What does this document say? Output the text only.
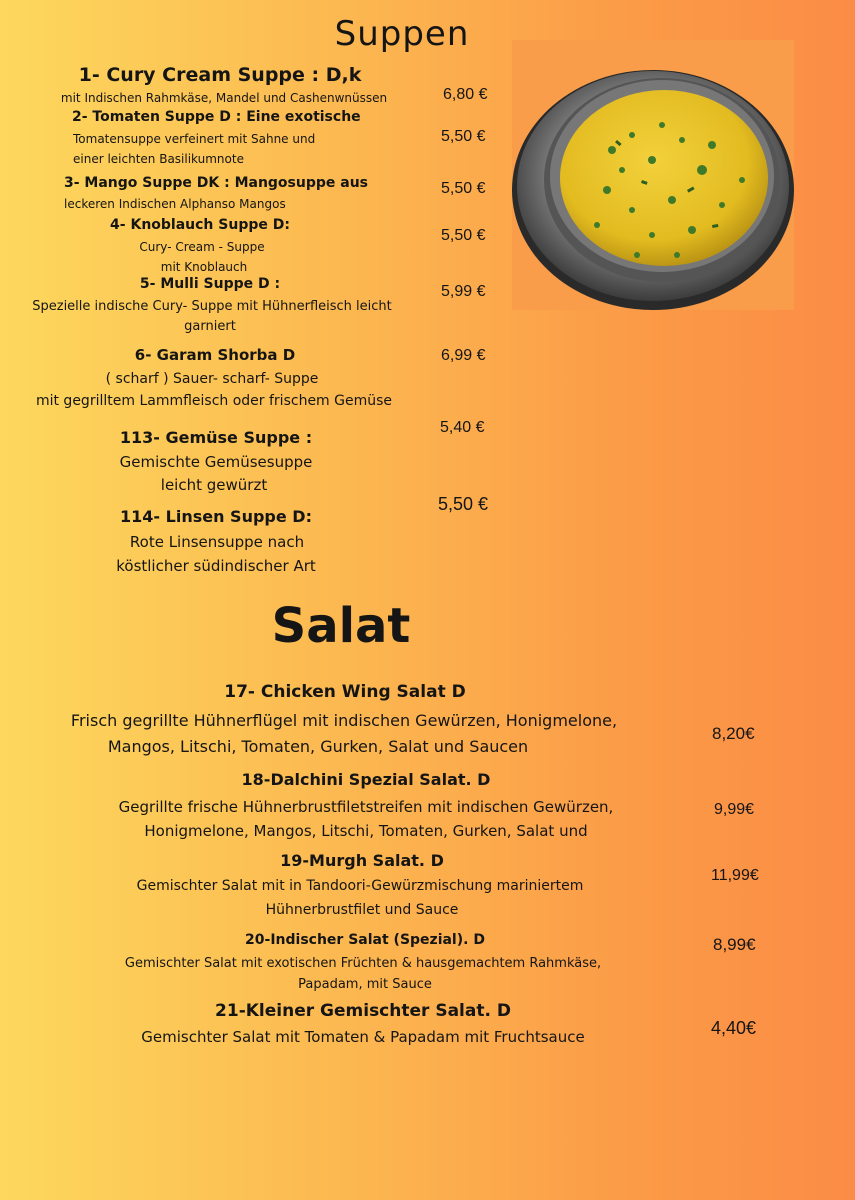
Suppen
1- Cury Cream Suppe : D,k
mit Indischen Rahmkäse, Mandel und Cashenwnüssen	6,80 €
2- Tomaten Suppe D : Eine exotische
Tomatensuppe verfeinert mit Sahne und
einer leichten Basilikumnote
5,50 €
3- Mango Suppe DK : Mangosuppe aus
leckeren Indischen Alphanso Mangos
5,50 €
4- Knoblauch Suppe D:
Cury- Cream - Suppe
mit Knoblauch
5,50 €
5- Mulli Suppe D :
Spezielle indische Cury- Suppe mit Hühnerfleisch leicht
garniert
5,99 €
6- Garam Shorba D
( scharf ) Sauer- scharf- Suppe
mit gegrilltem Lammfleisch oder frischem Gemüse
6,99 €
113- Gemüse Suppe :
Gemischte Gemüsesuppe
leicht gewürzt
5,40 €
114- Linsen Suppe D:
Rote Linsensuppe nach
köstlicher südindischer Art
5,50 €
Salat
17- Chicken Wing Salat D
Frisch gegrillte Hühnerflügel mit indischen Gewürzen, Honigmelone,
Mangos, Litschi, Tomaten, Gurken, Salat und Saucen
8,20€
18-Dalchini Spezial Salat. D
Gegrillte frische Hühnerbrustfiletstreifen mit indischen Gewürzen,
Honigmelone, Mangos, Litschi, Tomaten, Gurken, Salat und
9,99€
19-Murgh Salat. D
Gemischter Salat mit in Tandoori-Gewürzmischung mariniertem
Hühnerbrustfilet und Sauce
11,99€
20-Indischer Salat (Spezial). D
Gemischter Salat mit exotischen Früchten & hausgemachtem Rahmkäse,
Papadam, mit Sauce
8,99€
21-Kleiner Gemischter Salat. D
Gemischter Salat mit Tomaten & Papadam mit Fruchtsauce	4,40€
